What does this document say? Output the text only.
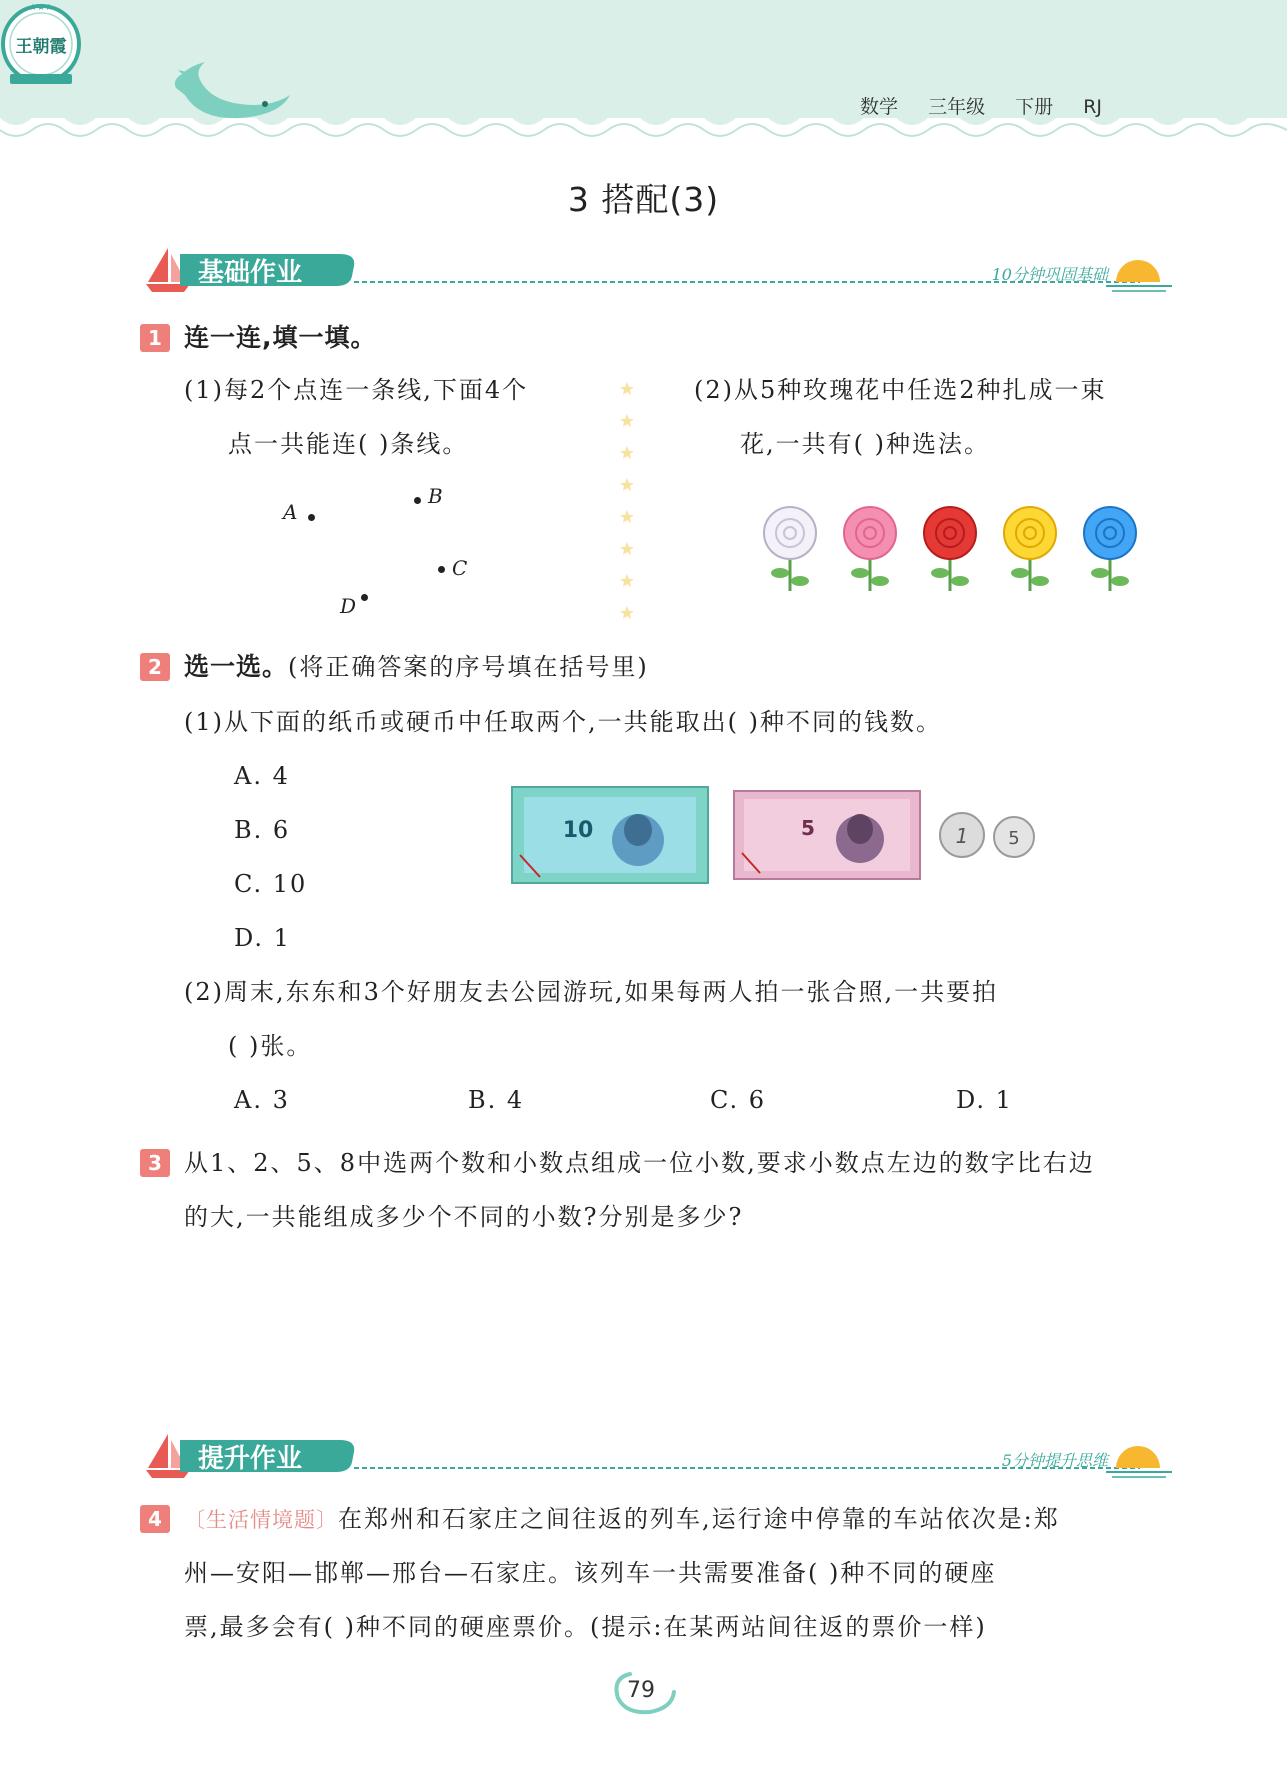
数学 三年级 下册 RJ
王朝霞
★★★
3 搭配(3)
基础作业	10分钟巩固基础
1 连一连,填一填。
(1)每2个点连一条线,下面4个
点一共能连( )条线。
A
B
C
D
(2)从5种玫瑰花中任选2种扎成一束
花,一共有( )种选法。
2 选一选。(将正确答案的序号填在括号里)
(1)从下面的纸币或硬币中任取两个,一共能取出( )种不同的钱数。
A. 4
B. 6
C. 10
D. 1
10	5	1 5
(2)周末,东东和3个好朋友去公园游玩,如果每两人拍一张合照,一共要拍
( )张。
A. 3	B. 4	C. 6	D. 1
3 从1、2、5、8中选两个数和小数点组成一位小数,要求小数点左边的数字比右边
的大,一共能组成多少个不同的小数?分别是多少?
提升作业	5分钟提升思维
4	〔生活情境题〕在郑州和石家庄之间往返的列车,运行途中停靠的车站依次是:郑
州—安阳—邯郸—邢台—石家庄。该列车一共需要准备( )种不同的硬座
票,最多会有( )种不同的硬座票价。(提示:在某两站间往返的票价一样)
79
